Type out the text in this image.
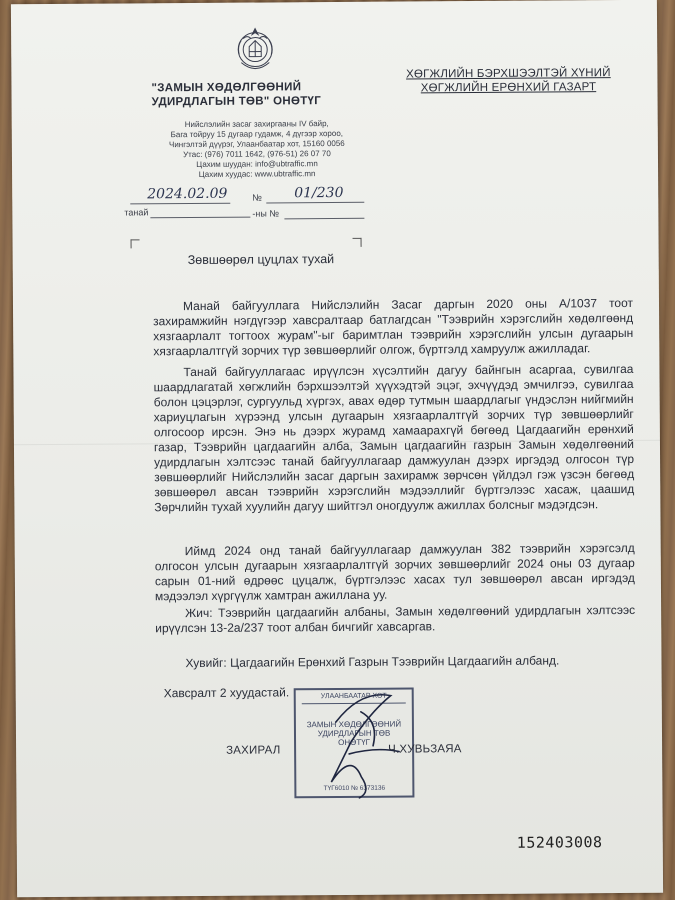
"ЗАМЫН ХӨДӨЛГӨӨНИЙ
УДИРДЛАГЫН ТӨВ" ОНӨТҮГ
Нийслэлийн засаг захиргааны IV байр,
Бага тойруу 15 дугаар гудамж, 4 дүгээр хороо,
Чингэлтэй дүүрэг, Улаанбаатар хот, 15160 0056
Утас: (976) 7011 1642, (976-51) 26 07 70
Цахим шуудан: info@ubtraffic.mn
Цахим хуудас: www.ubtraffic.mn
ХӨГЖЛИЙН БЭРХШЭЭЛТЭЙ ХҮНИЙ
ХӨГЖЛИЙН ЕРӨНХИЙ ГАЗАРТ
2024.02.09	№ 01/230
танай	-ны №
Зөвшөөрөл цуцлах тухай
Манай байгууллага Нийслэлийн Засаг даргын 2020 оны А/1037 тоот захирамжийн нэгдүгээр хавсралтаар батлагдсан "Тээврийн хэрэгслийн хөдөлгөөнд хязгаарлалт тогтоох журам"-ыг баримтлан тээврийн хэрэгслийн улсын дугаарын хязгаарлалтгүй зорчих түр зөвшөөрлийг олгож, бүртгэлд хамруулж ажилладаг.
Танай байгууллагаас ирүүлсэн хүсэлтийн дагуу байнгын асаргаа, сувилгаа шаардлагатай хөгжлийн бэрхшээлтэй хүүхэдтэй эцэг, эхчүүдэд эмчилгээ, сувилгаа болон цэцэрлэг, сургуульд хүргэх, авах өдөр тутмын шаардлагыг үндэслэн нийгмийн хариуцлагын хүрээнд улсын дугаарын хязгаарлалтгүй зорчих түр зөвшөөрлийг олгосоор ирсэн. Энэ нь дээрх журамд хамаарахгүй бөгөөд Цагдаагийн ерөнхий газар, Тээврийн цагдаагийн алба, Замын цагдаагийн газрын Замын хөдөлгөөний удирдлагын хэлтсээс танай байгууллагаар дамжуулан дээрх иргэдэд олгосон түр зөвшөөрлийг Нийслэлийн засаг даргын захирамж зөрчсөн үйлдэл гэж үзсэн бөгөөд зөвшөөрөл авсан тээврийн хэрэгслийн мэдээллийг бүртгэлээс хасаж, цаашид Зөрчлийн тухай хуулийн дагуу шийтгэл оногдуулж ажиллах болсныг мэдэгдсэн.
Иймд 2024 онд танай байгууллагаар дамжуулан 382 тээврийн хэрэгсэлд олгосон улсын дугаарын хязгаарлалтгүй зорчих зөвшөөрлийг 2024 оны 03 дугаар сарын 01-ний өдрөөс цуцалж, бүртгэлээс хасах тул зөвшөөрөл авсан иргэдэд мэдээлэл хүргүүлж хамтран ажиллана уу.
Жич: Тээврийн цагдаагийн албаны, Замын хөдөлгөөний удирдлагын хэлтсээс ирүүлсэн 13-2а/237 тоот албан бичгийг хавсаргав.
Хувийг: Цагдаагийн Ерөнхий Газрын Тээврийн Цагдаагийн албанд.
Хавсралт 2 хуудастай.	УЛААНБААТАР ХОТ
ЗАМЫН ХӨДӨЛГӨӨНИЙ
УДИРДЛАГЫН ТӨВ
ОНӨТҮГ
ТҮГ6010 № 6373136
ЗАХИРАЛ	Ч.ХУВЬЗАЯА
152403008
